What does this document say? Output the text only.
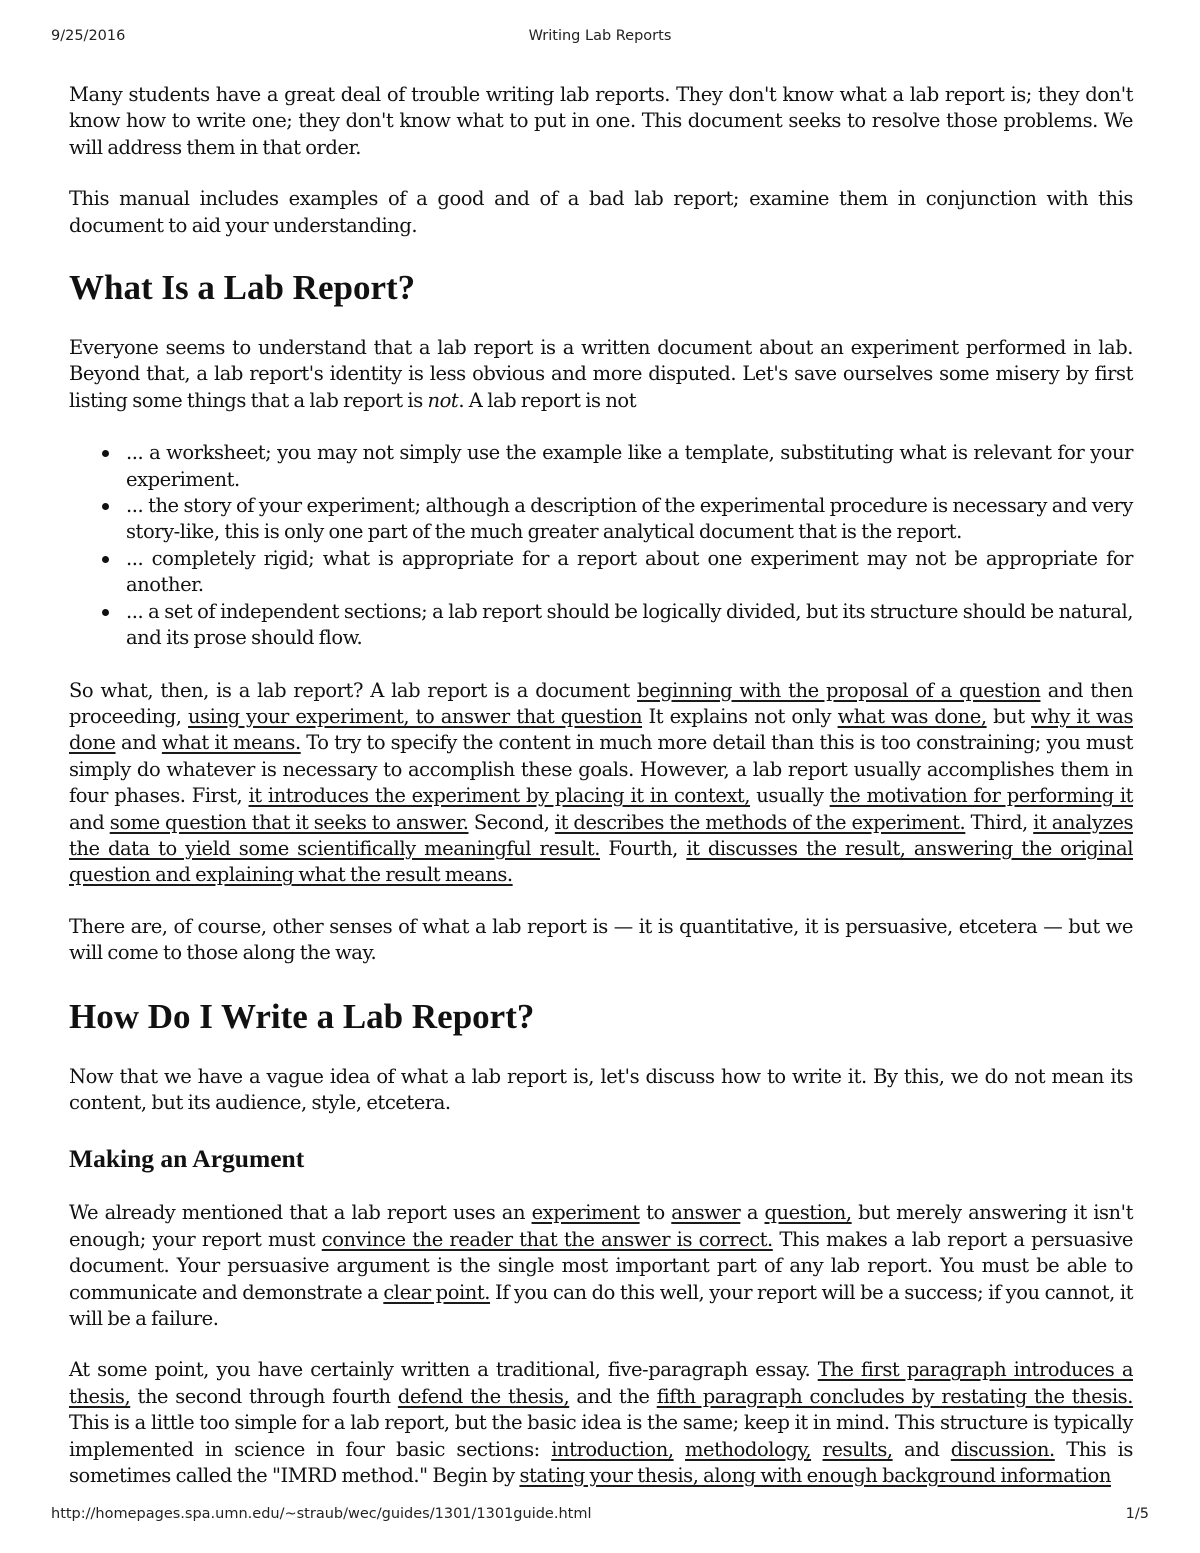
9/25/2016	Writing Lab Reports

Many students have a great deal of trouble writing lab reports. They don't know what a lab report is; they don't know how to write one; they don't know what to put in one. This document seeks to resolve those problems. We will address them in that order.

This manual includes examples of a good and of a bad lab report; examine them in conjunction with this document to aid your understanding.

What Is a Lab Report?

Everyone seems to understand that a lab report is a written document about an experiment performed in lab. Beyond that, a lab report's identity is less obvious and more disputed. Let's save ourselves some misery by first listing some things that a lab report is not. A lab report is not

... a worksheet; you may not simply use the example like a template, substituting what is relevant for your experiment.
... the story of your experiment; although a description of the experimental procedure is necessary and very story-like, this is only one part of the much greater analytical document that is the report.
... completely rigid; what is appropriate for a report about one experiment may not be appropriate for another.
... a set of independent sections; a lab report should be logically divided, but its structure should be natural, and its prose should flow.

So what, then, is a lab report? A lab report is a document beginning with the proposal of a question and then proceeding, using your experiment, to answer that question It explains not only what was done, but why it was done and what it means. To try to specify the content in much more detail than this is too constraining; you must simply do whatever is necessary to accomplish these goals. However, a lab report usually accomplishes them in four phases. First, it introduces the experiment by placing it in context, usually the motivation for performing it and some question that it seeks to answer. Second, it describes the methods of the experiment. Third, it analyzes the data to yield some scientifically meaningful result. Fourth, it discusses the result, answering the original question and explaining what the result means.

There are, of course, other senses of what a lab report is — it is quantitative, it is persuasive, etcetera — but we will come to those along the way.

How Do I Write a Lab Report?

Now that we have a vague idea of what a lab report is, let's discuss how to write it. By this, we do not mean its content, but its audience, style, etcetera.

Making an Argument

We already mentioned that a lab report uses an experiment to answer a question, but merely answering it isn't enough; your report must convince the reader that the answer is correct. This makes a lab report a persuasive document. Your persuasive argument is the single most important part of any lab report. You must be able to communicate and demonstrate a clear point. If you can do this well, your report will be a success; if you cannot, it will be a failure.

At some point, you have certainly written a traditional, five-paragraph essay. The first paragraph introduces a thesis, the second through fourth defend the thesis, and the fifth paragraph concludes by restating the thesis. This is a little too simple for a lab report, but the basic idea is the same; keep it in mind. This structure is typically implemented in science in four basic sections: introduction, methodology, results, and discussion. This is sometimes called the "IMRD method." Begin by stating your thesis, along with enough background information

http://homepages.spa.umn.edu/~straub/wec/guides/1301/1301guide.html	1/5
